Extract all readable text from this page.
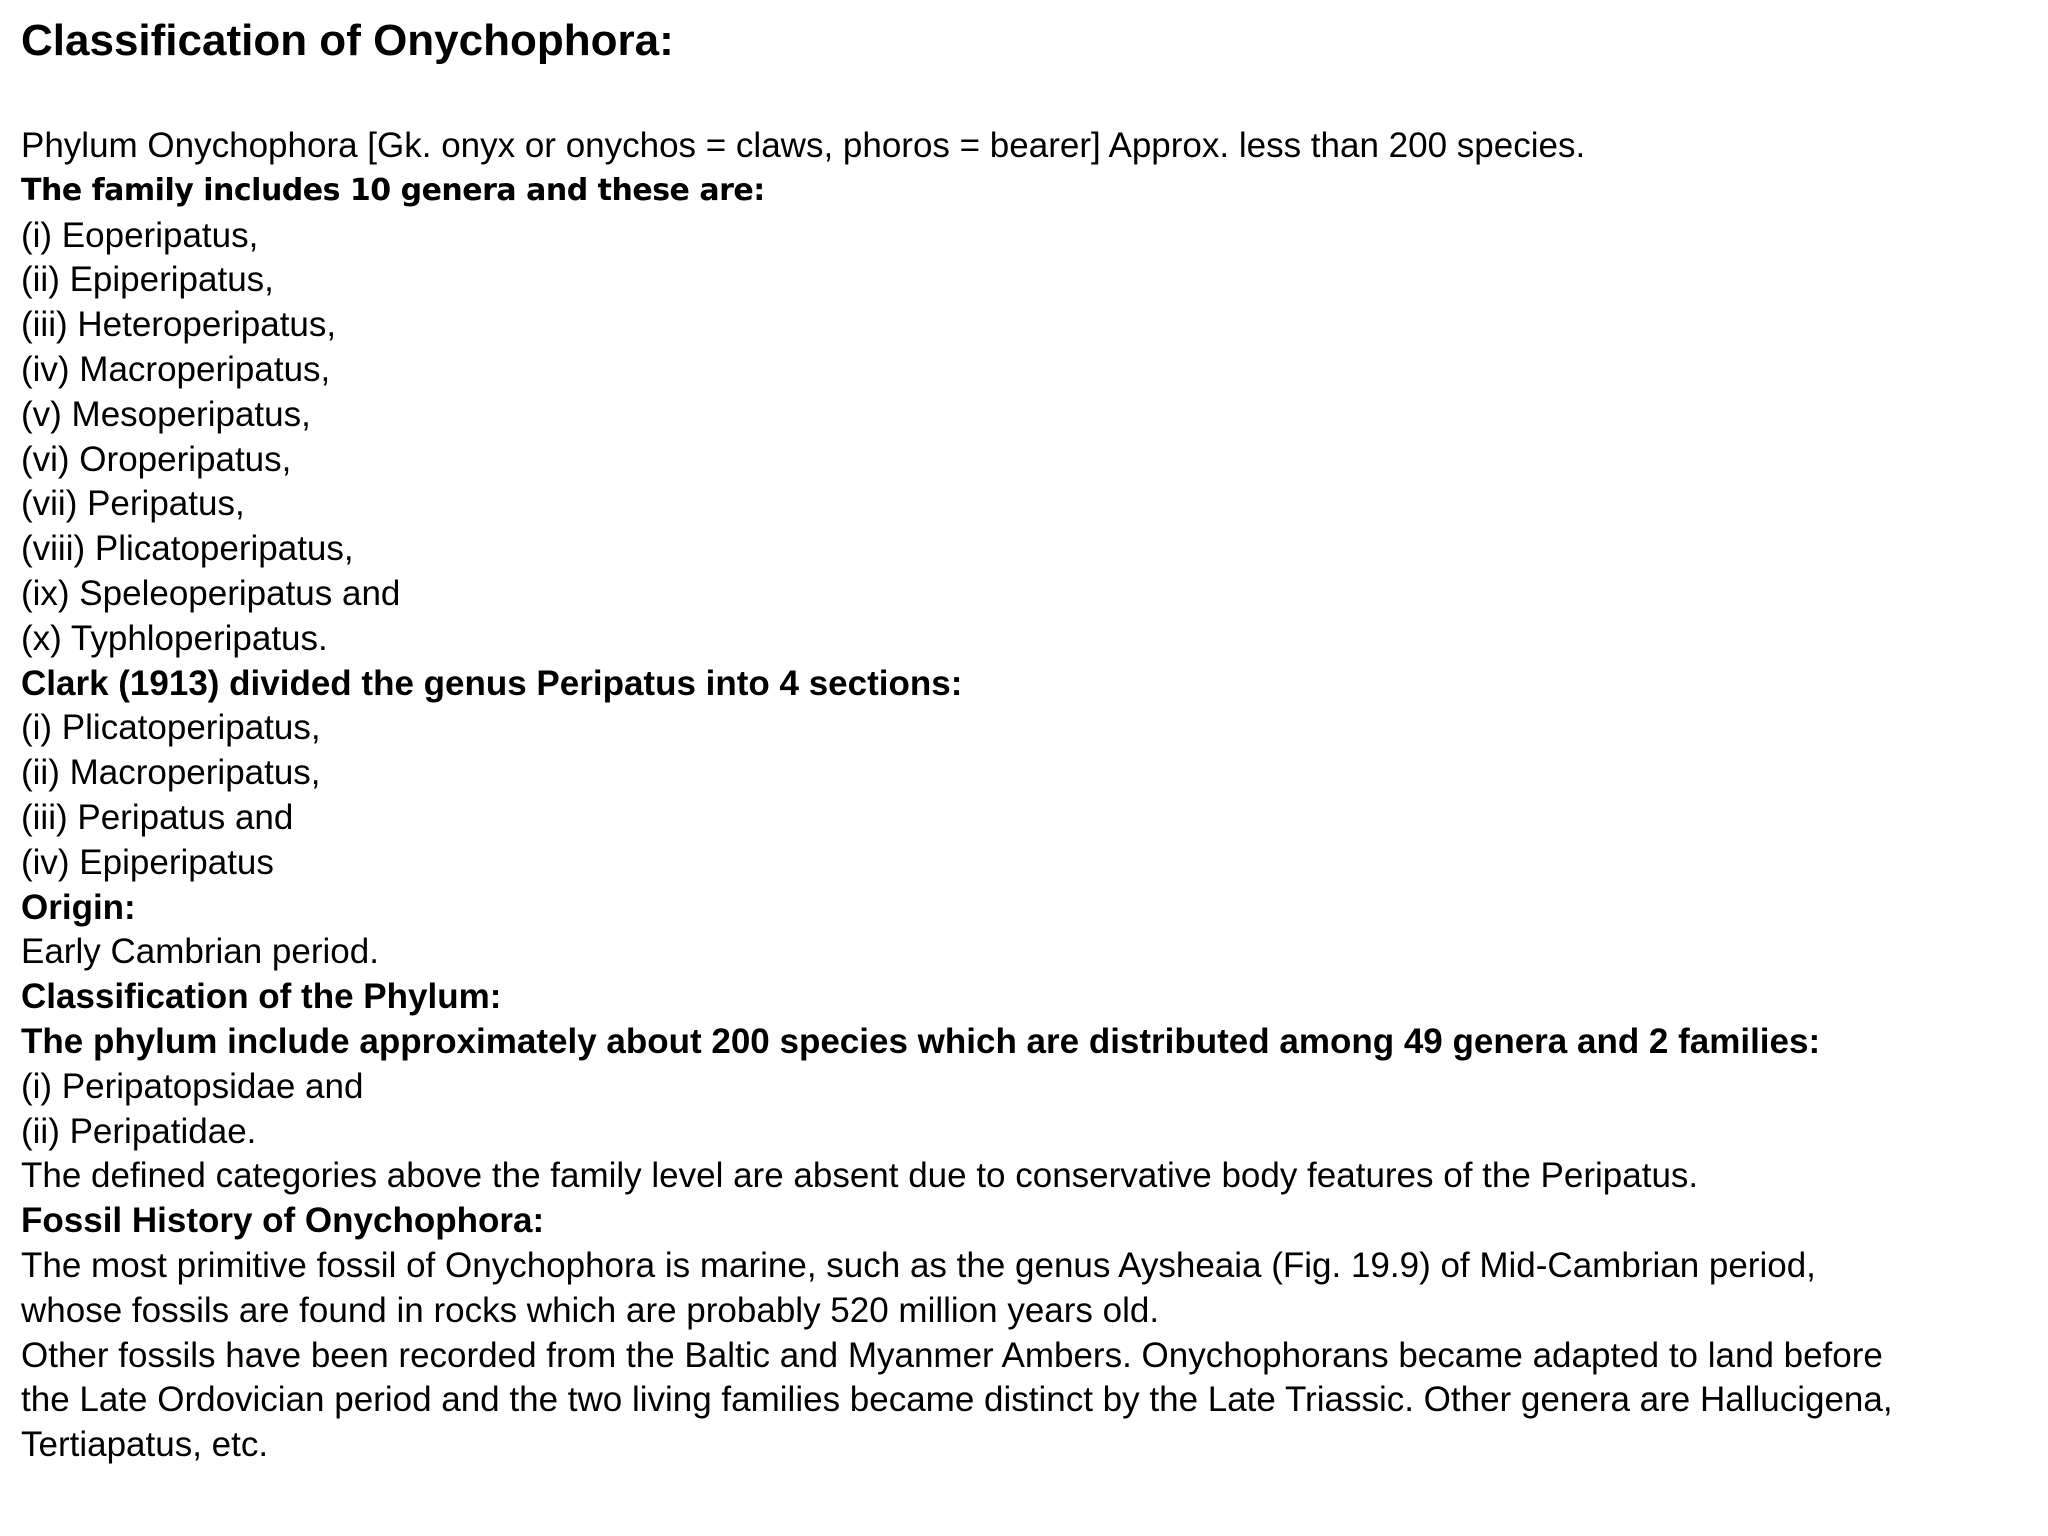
Classification of Onychophora:
Phylum Onychophora [Gk. onyx or onychos = claws, phoros = bearer] Approx. less than 200 species.
The family includes 10 genera and these are:
(i) Eoperipatus,
(ii) Epiperipatus,
(iii) Heteroperipatus,
(iv) Macroperipatus,
(v) Mesoperipatus,
(vi) Oroperipatus,
(vii) Peripatus,
(viii) Plicatoperipatus,
(ix) Speleoperipatus and
(x) Typhloperipatus.
Clark (1913) divided the genus Peripatus into 4 sections:
(i) Plicatoperipatus,
(ii) Macroperipatus,
(iii) Peripatus and
(iv) Epiperipatus
Origin:
Early Cambrian period.
Classification of the Phylum:
The phylum include approximately about 200 species which are distributed among 49 genera and 2 families:
(i) Peripatopsidae and
(ii) Peripatidae.
The defined categories above the family level are absent due to conservative body features of the Peripatus.
Fossil History of Onychophora:
The most primitive fossil of Onychophora is marine, such as the genus Aysheaia (Fig. 19.9) of Mid-Cambrian period,
whose fossils are found in rocks which are probably 520 million years old.
Other fossils have been recorded from the Baltic and Myanmer Ambers. Onychophorans became adapted to land before
the Late Ordovician period and the two living families became distinct by the Late Triassic. Other genera are Hallucigena,
Tertiapatus, etc.
